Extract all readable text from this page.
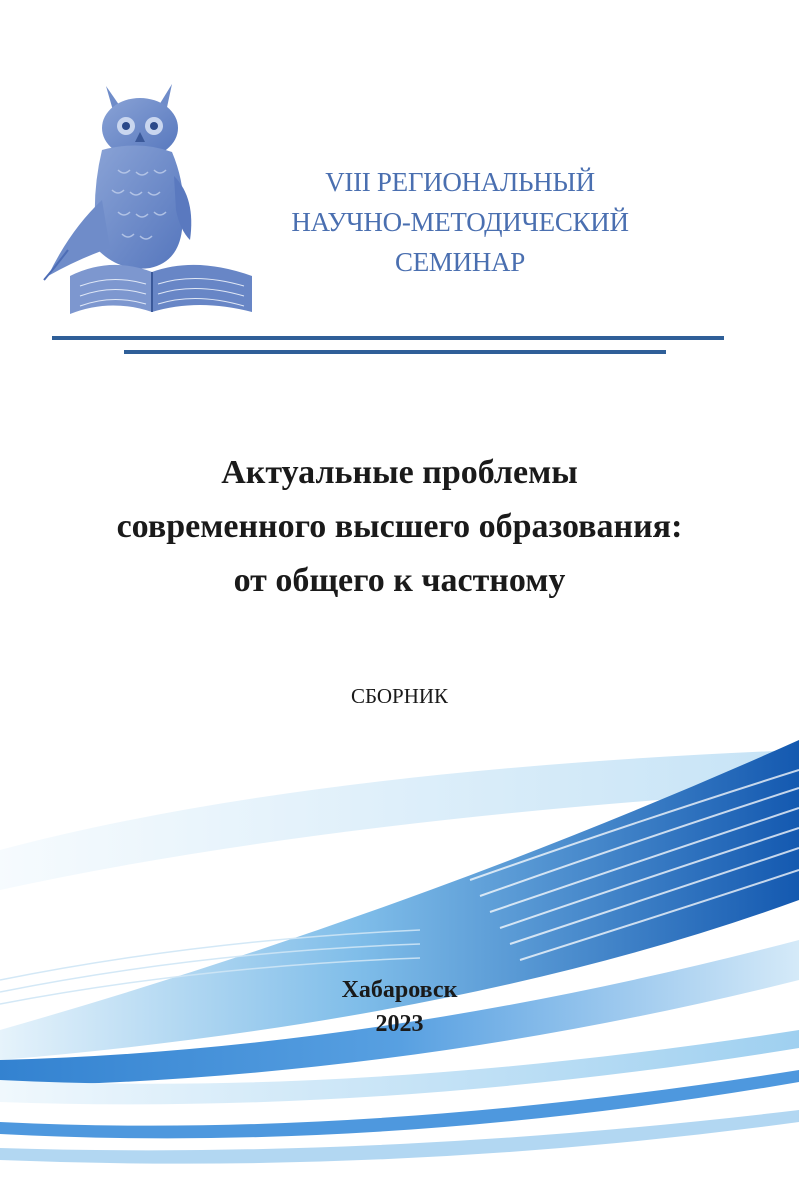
VIII РЕГИОНАЛЬНЫЙ
НАУЧНО-МЕТОДИЧЕСКИЙ
СЕМИНАР
Актуальные проблемы
современного высшего образования:
от общего к частному
СБОРНИК
Хабаровск
2023
